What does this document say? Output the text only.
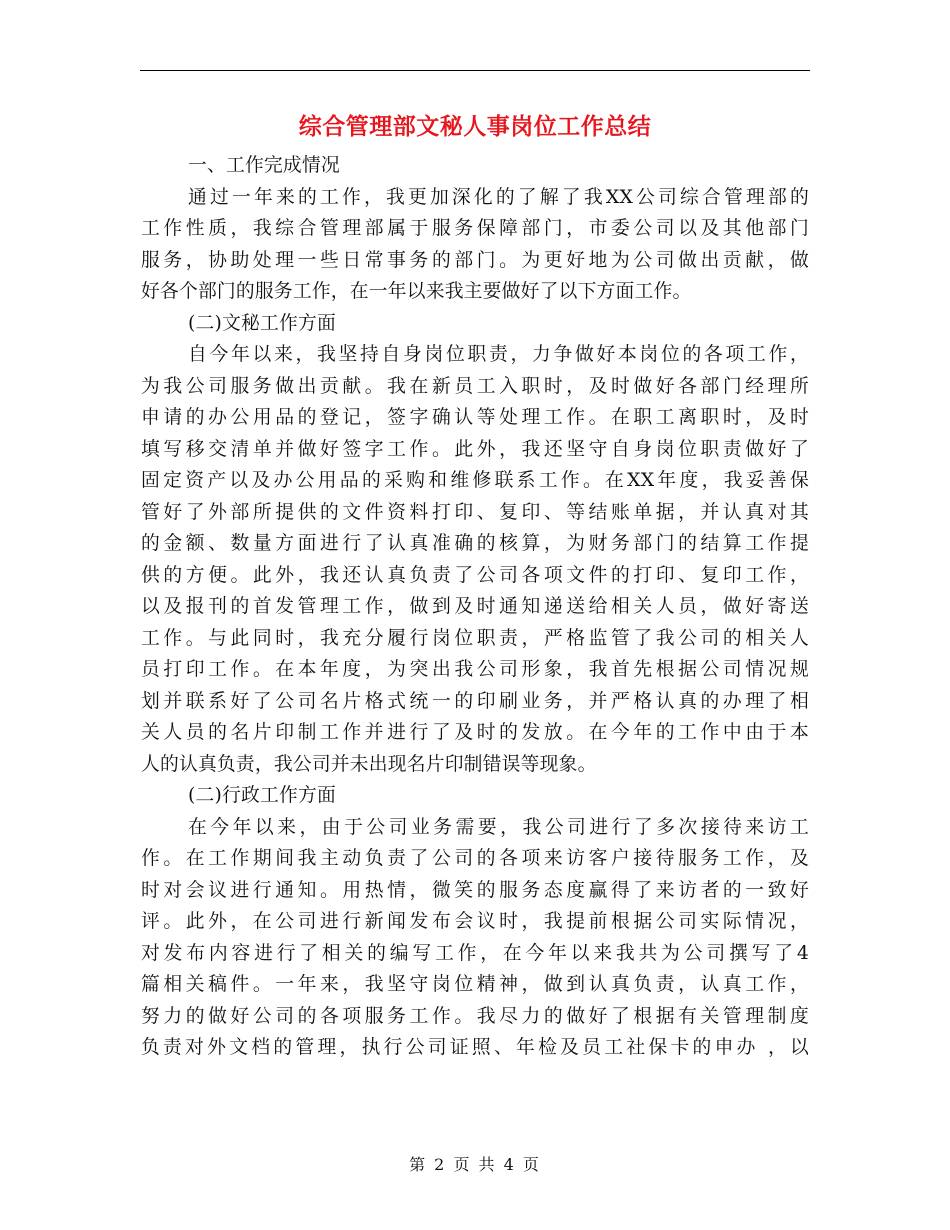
综合管理部文秘人事岗位工作总结
一、工作完成情况
通过一年来的工作，我更加深化的了解了我XX公司综合管理部的
工作性质，我综合管理部属于服务保障部门，市委公司以及其他部门
服务，协助处理一些日常事务的部门。为更好地为公司做出贡献，做
好各个部门的服务工作，在一年以来我主要做好了以下方面工作。
(二)文秘工作方面
自今年以来，我坚持自身岗位职责，力争做好本岗位的各项工作，
为我公司服务做出贡献。我在新员工入职时，及时做好各部门经理所
申请的办公用品的登记，签字确认等处理工作。在职工离职时，及时
填写移交清单并做好签字工作。此外，我还坚守自身岗位职责做好了
固定资产以及办公用品的采购和维修联系工作。在XX年度，我妥善保
管好了外部所提供的文件资料打印、复印、等结账单据，并认真对其
的金额、数量方面进行了认真准确的核算，为财务部门的结算工作提
供的方便。此外，我还认真负责了公司各项文件的打印、复印工作，
以及报刊的首发管理工作，做到及时通知递送给相关人员，做好寄送
工作。与此同时，我充分履行岗位职责，严格监管了我公司的相关人
员打印工作。在本年度，为突出我公司形象，我首先根据公司情况规
划并联系好了公司名片格式统一的印刷业务，并严格认真的办理了相
关人员的名片印制工作并进行了及时的发放。在今年的工作中由于本
人的认真负责，我公司并未出现名片印制错误等现象。
(二)行政工作方面
在今年以来，由于公司业务需要，我公司进行了多次接待来访工
作。在工作期间我主动负责了公司的各项来访客户接待服务工作，及
时对会议进行通知。用热情，微笑的服务态度赢得了来访者的一致好
评。此外，在公司进行新闻发布会议时，我提前根据公司实际情况，
对发布内容进行了相关的编写工作，在今年以来我共为公司撰写了4
篇相关稿件。一年来，我坚守岗位精神，做到认真负责，认真工作，
努力的做好公司的各项服务工作。我尽力的做好了根据有关管理制度
负责对外文档的管理，执行公司证照、年检及员工社保卡的申办 ，以
第 2 页 共 4 页
